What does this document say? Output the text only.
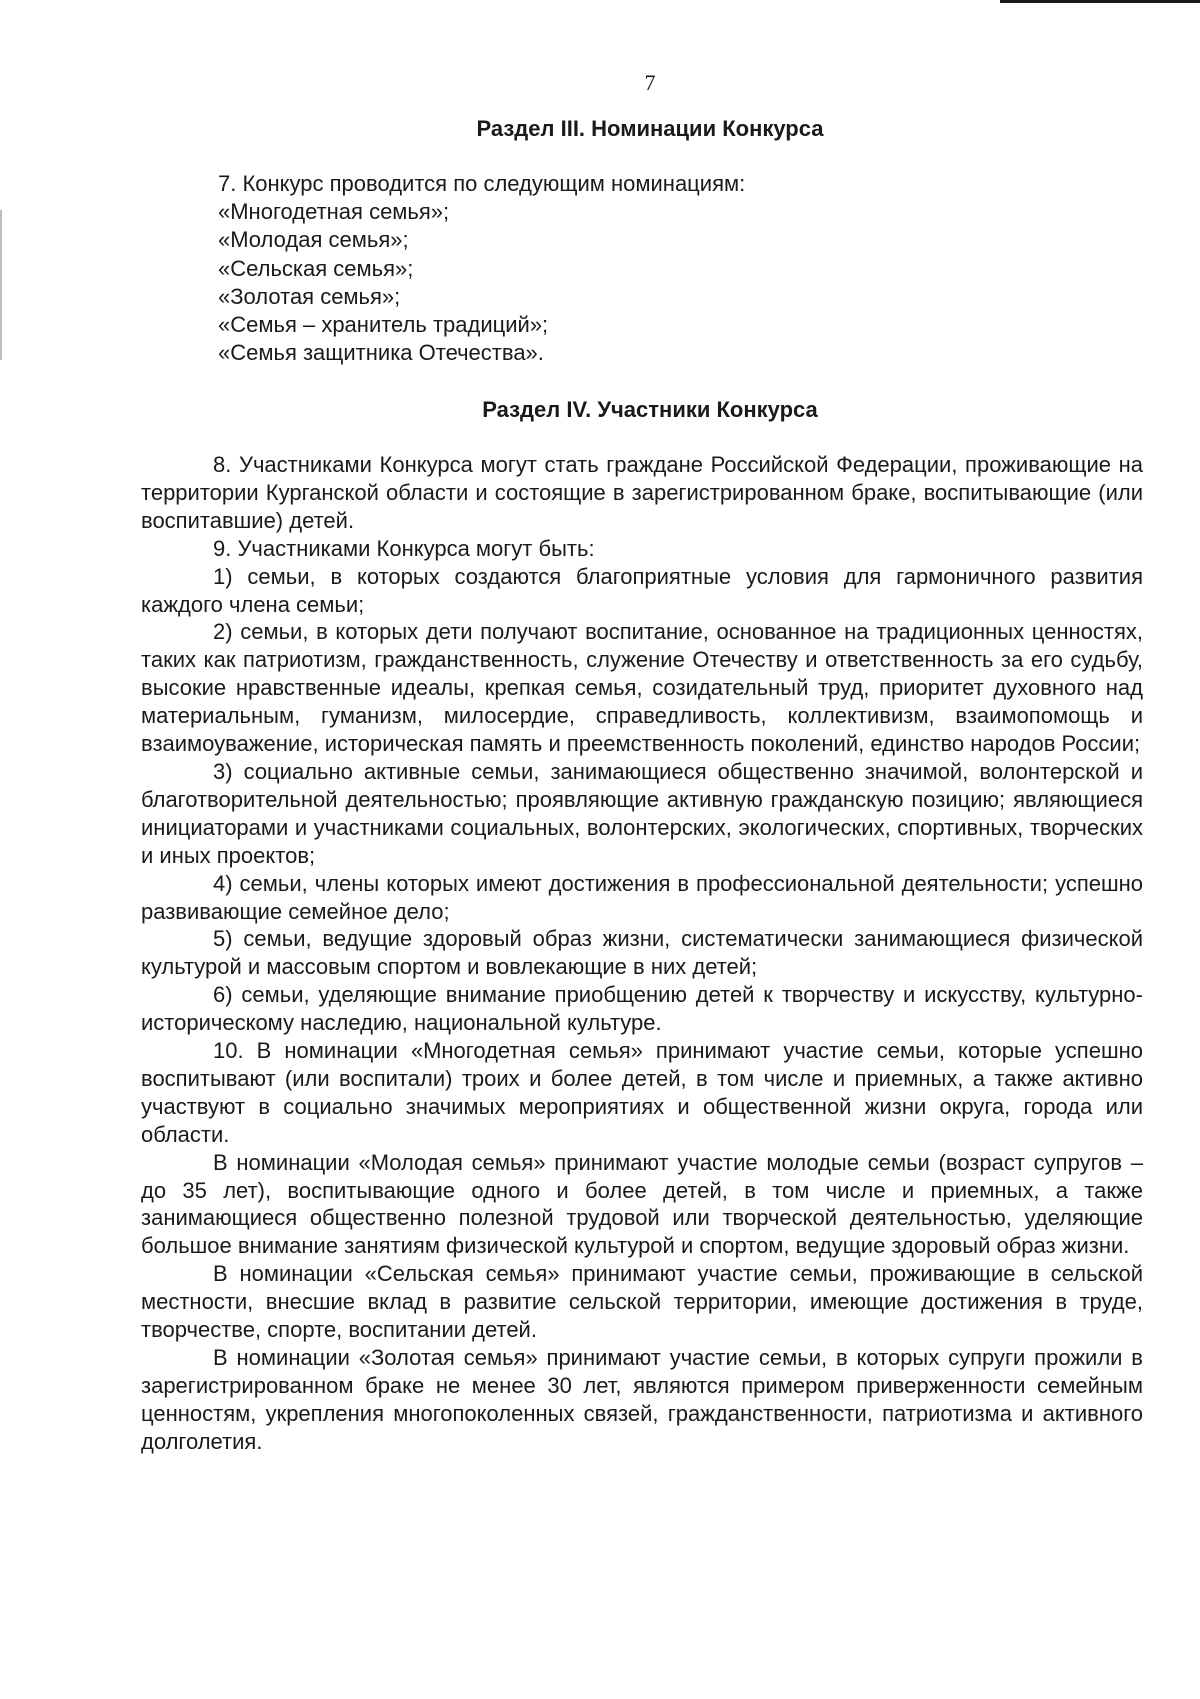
7
Раздел III. Номинации Конкурса
7. Конкурс проводится по следующим номинациям:
«Многодетная семья»;
«Молодая семья»;
«Сельская семья»;
«Золотая семья»;
«Семья – хранитель традиций»;
«Семья защитника Отечества».
Раздел IV. Участники Конкурса

8. Участниками Конкурса могут стать граждане Российской Федерации, проживающие на территории Курганской области и состоящие в зарегистрированном браке, воспитывающие (или воспитавшие) детей.

9. Участниками Конкурса могут быть:

1) семьи, в которых создаются благоприятные условия для гармоничного развития каждого члена семьи;

2) семьи, в которых дети получают воспитание, основанное на традиционных ценностях, таких как патриотизм, гражданственность, служение Отечеству и ответственность за его судьбу, высокие нравственные идеалы, крепкая семья, созидательный труд, приоритет духовного над материальным, гуманизм, милосердие, справедливость, коллективизм, взаимопомощь и взаимоуважение, историческая память и преемственность поколений, единство народов России;

3) социально активные семьи, занимающиеся общественно значимой, волонтерской и благотворительной деятельностью; проявляющие активную гражданскую позицию; являющиеся инициаторами и участниками социальных, волонтерских, экологических, спортивных, творческих и иных проектов;

4) семьи, члены которых имеют достижения в профессиональной деятельности; успешно развивающие семейное дело;

5) семьи, ведущие здоровый образ жизни, систематически занимающиеся физической культурой и массовым спортом и вовлекающие в них детей;

6) семьи, уделяющие внимание приобщению детей к творчеству и искусству, культурно-историческому наследию, национальной культуре.

10. В номинации «Многодетная семья» принимают участие семьи, которые успешно воспитывают (или воспитали) троих и более детей, в том числе и приемных, а также активно участвуют в социально значимых мероприятиях и общественной жизни округа, города или области.

В номинации «Молодая семья» принимают участие молодые семьи (возраст супругов – до 35 лет), воспитывающие одного и более детей, в том числе и приемных, а также занимающиеся общественно полезной трудовой или творческой деятельностью, уделяющие большое внимание занятиям физической культурой и спортом, ведущие здоровый образ жизни.

В номинации «Сельская семья» принимают участие семьи, проживающие в сельской местности, внесшие вклад в развитие сельской территории, имеющие достижения в труде, творчестве, спорте, воспитании детей.

В номинации «Золотая семья» принимают участие семьи, в которых супруги прожили в зарегистрированном браке не менее 30 лет, являются примером приверженности семейным ценностям, укрепления многопоколенных связей, гражданственности, патриотизма и активного долголетия.
